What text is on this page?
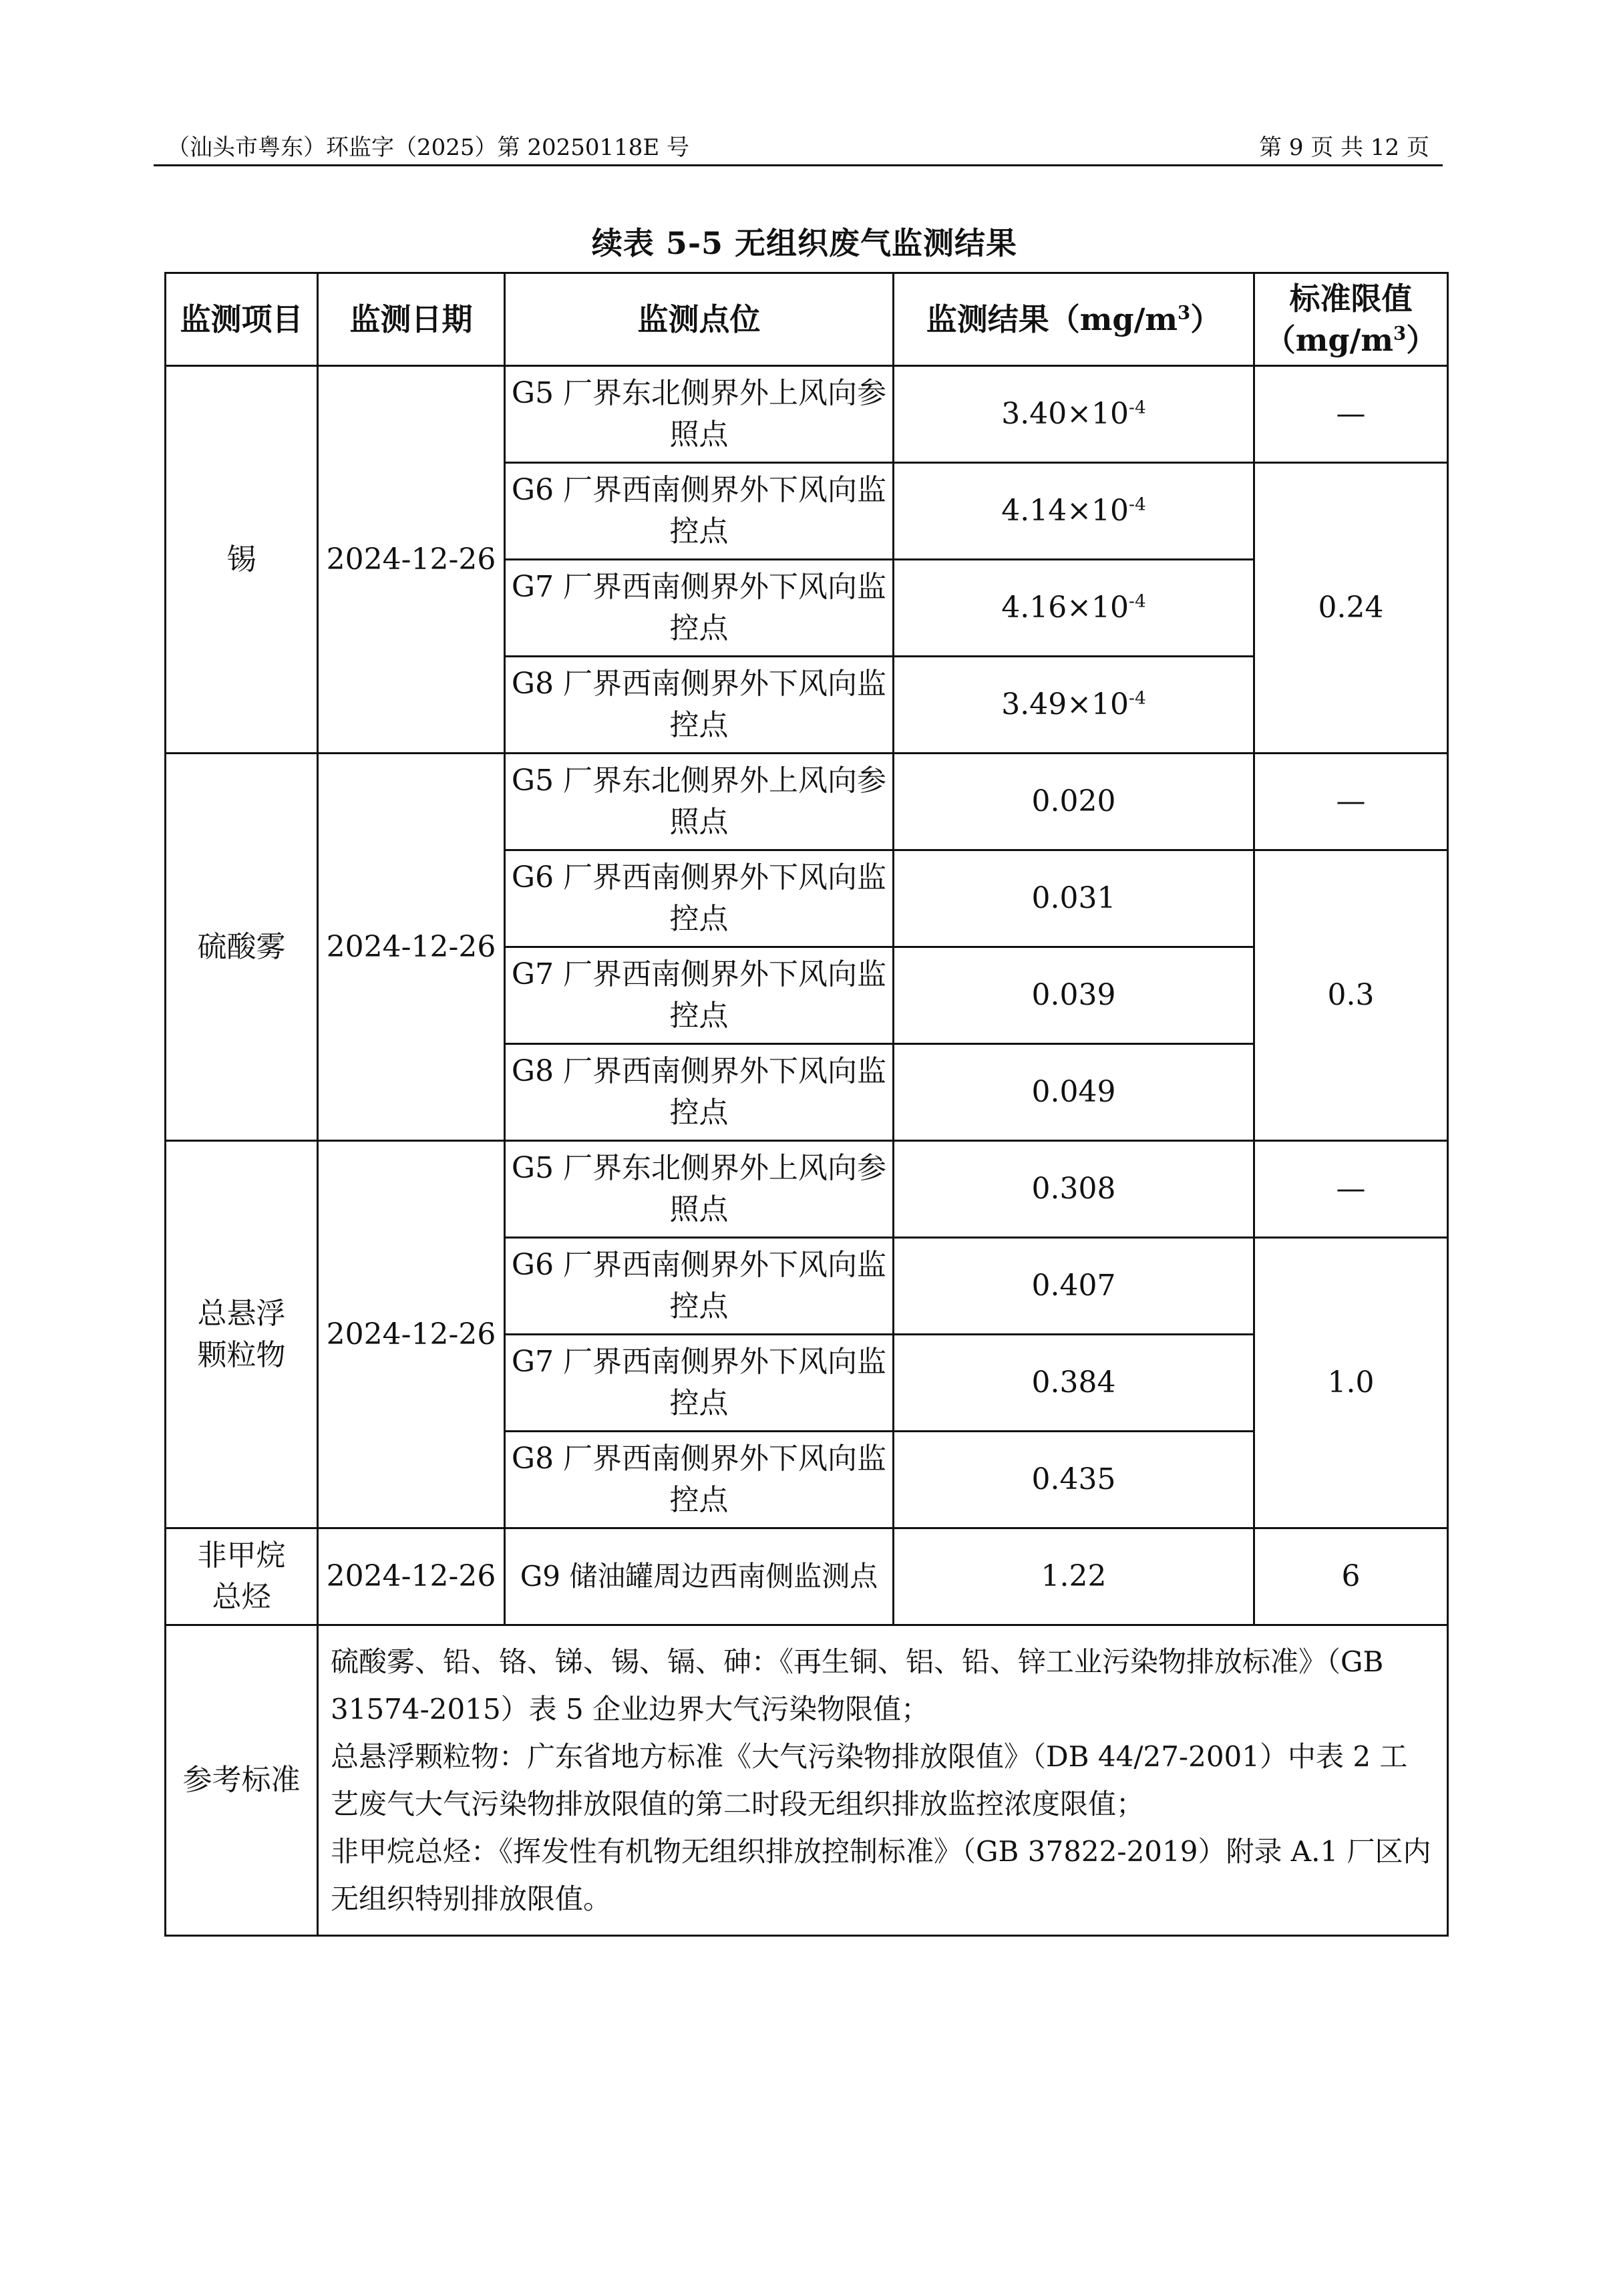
（汕头市粤东）环监字（2025）第 20250118E 号	第 9 页 共 12 页
续表 5-5 无组织废气监测结果
监测项目	监测日期	监测点位	监测结果$(mg/m^3)$	标准限值
$(mg/m^3)$

锡	2024-12-26	G5 厂界东北侧界外上风向参照点	$3.40\times 10^{-4}$	—
		G6 厂界西南侧界外下风向监控点	$4.14\times 10^{-4}$	0.24
		G7 厂界西南侧界外下风向监控点	$4.16\times 10^{-4}$
		G8 厂界西南侧界外下风向监控点	$3.49\times 10^{-4}$
硫酸雾	2024-12-26	G5 厂界东北侧界外上风向参照点	0.020	—
		G6 厂界西南侧界外下风向监控点	0.031	0.3
		G7 厂界西南侧界外下风向监控点	0.039	
		G8 厂界西南侧界外下风向监控点	0.049	

总悬浮
颗粒物	2024-12-26	G5 厂界东北侧界外上风向参照点	0.308	—
		G6 厂界西南侧界外下风向监控点	0.407	1.0
		G7 厂界西南侧界外下风向监控点	0.384	
		G8 厂界西南侧界外下风向监控点	0.435	

非甲烷
总烃	2024-12-26	G9 储油罐周边西南侧监测点	1.22	6
参考标准	硫酸雾、铅、铬、锑、锡、镉、砷：《再生铜、铝、铅、锌工业污染物排放标准》（GB 31574-2015）表 5 企业边界大气污染物限值；
总悬浮颗粒物：广东省地方标准《大气污染物排放限值》（DB 44/27-2001）中表 2 工艺废气大气污染物排放限值的第二时段无组织排放监控浓度限值；
非甲烷总烃：《挥发性有机物无组织排放控制标准》（GB 37822-2019）附录 A.1 厂区内无组织特别排放限值。			
